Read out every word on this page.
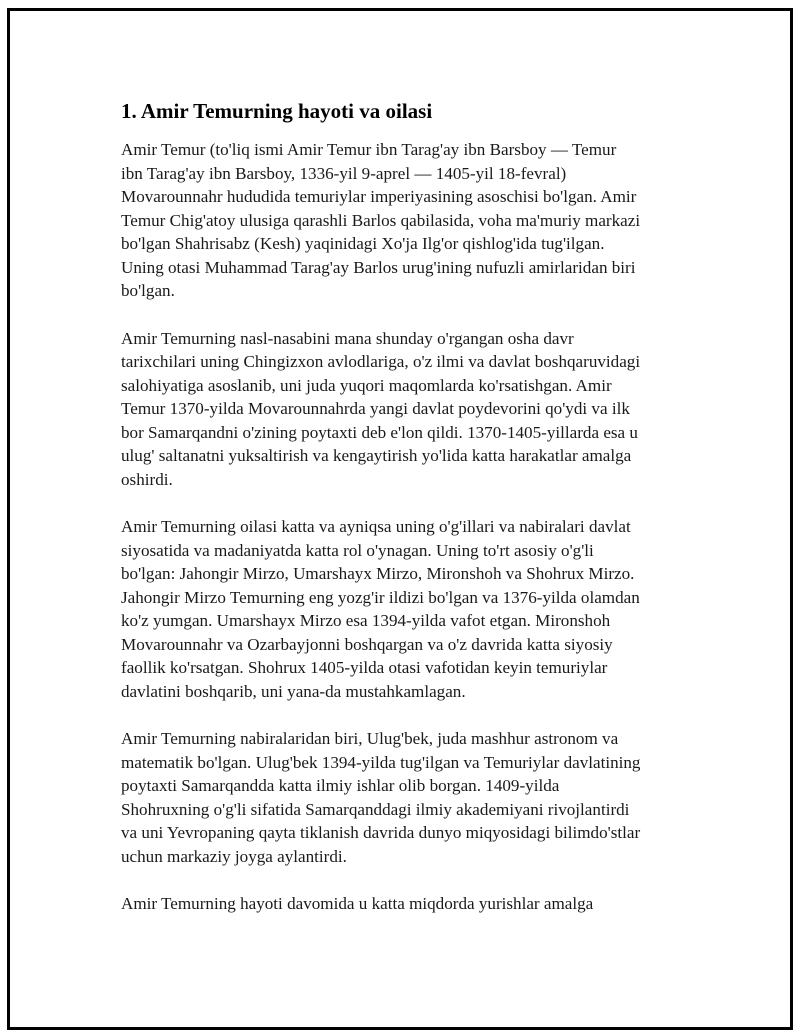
1. Amir Temurning hayoti va oilasi

Amir Temur (to'liq ismi Amir Temur ibn Tarag'ay ibn Barsboy — Temur
ibn Tarag'ay ibn Barsboy, 1336-yil 9-aprel — 1405-yil 18-fevral)
Movarounnahr hududida temuriylar imperiyasining asoschisi bo'lgan. Amir
Temur Chig'atoy ulusiga qarashli Barlos qabilasida, voha ma'muriy markazi
bo'lgan Shahrisabz (Kesh) yaqinidagi Xo'ja Ilg'or qishlog'ida tug'ilgan.
Uning otasi Muhammad Tarag'ay Barlos urug'ining nufuzli amirlaridan biri
bo'lgan.

Amir Temurning nasl-nasabini mana shunday o'rgangan osha davr
tarixchilari uning Chingizxon avlodlariga, o'z ilmi va davlat boshqaruvidagi
salohiyatiga asoslanib, uni juda yuqori maqomlarda ko'rsatishgan. Amir
Temur 1370-yilda Movarounnahrda yangi davlat poydevorini qo'ydi va ilk
bor Samarqandni o'zining poytaxti deb e'lon qildi. 1370-1405-yillarda esa u
ulug' saltanatni yuksaltirish va kengaytirish yo'lida katta harakatlar amalga
oshirdi.

Amir Temurning oilasi katta va ayniqsa uning o'g'illari va nabiralari davlat
siyosatida va madaniyatda katta rol o'ynagan. Uning to'rt asosiy o'g'li
bo'lgan: Jahongir Mirzo, Umarshayx Mirzo, Mironshoh va Shohrux Mirzo.
Jahongir Mirzo Temurning eng yozg'ir ildizi bo'lgan va 1376-yilda olamdan
ko'z yumgan. Umarshayx Mirzo esa 1394-yilda vafot etgan. Mironshoh
Movarounnahr va Ozarbayjonni boshqargan va o'z davrida katta siyosiy
faollik ko'rsatgan. Shohrux 1405-yilda otasi vafotidan keyin temuriylar
davlatini boshqarib, uni yana-da mustahkamlagan.

Amir Temurning nabiralaridan biri, Ulug'bek, juda mashhur astronom va
matematik bo'lgan. Ulug'bek 1394-yilda tug'ilgan va Temuriylar davlatining
poytaxti Samarqandda katta ilmiy ishlar olib borgan. 1409-yilda
Shohruxning o'g'li sifatida Samarqanddagi ilmiy akademiyani rivojlantirdi
va uni Yevropaning qayta tiklanish davrida dunyo miqyosidagi bilimdo'stlar
uchun markaziy joyga aylantirdi.

Amir Temurning hayoti davomida u katta miqdorda yurishlar amalga
